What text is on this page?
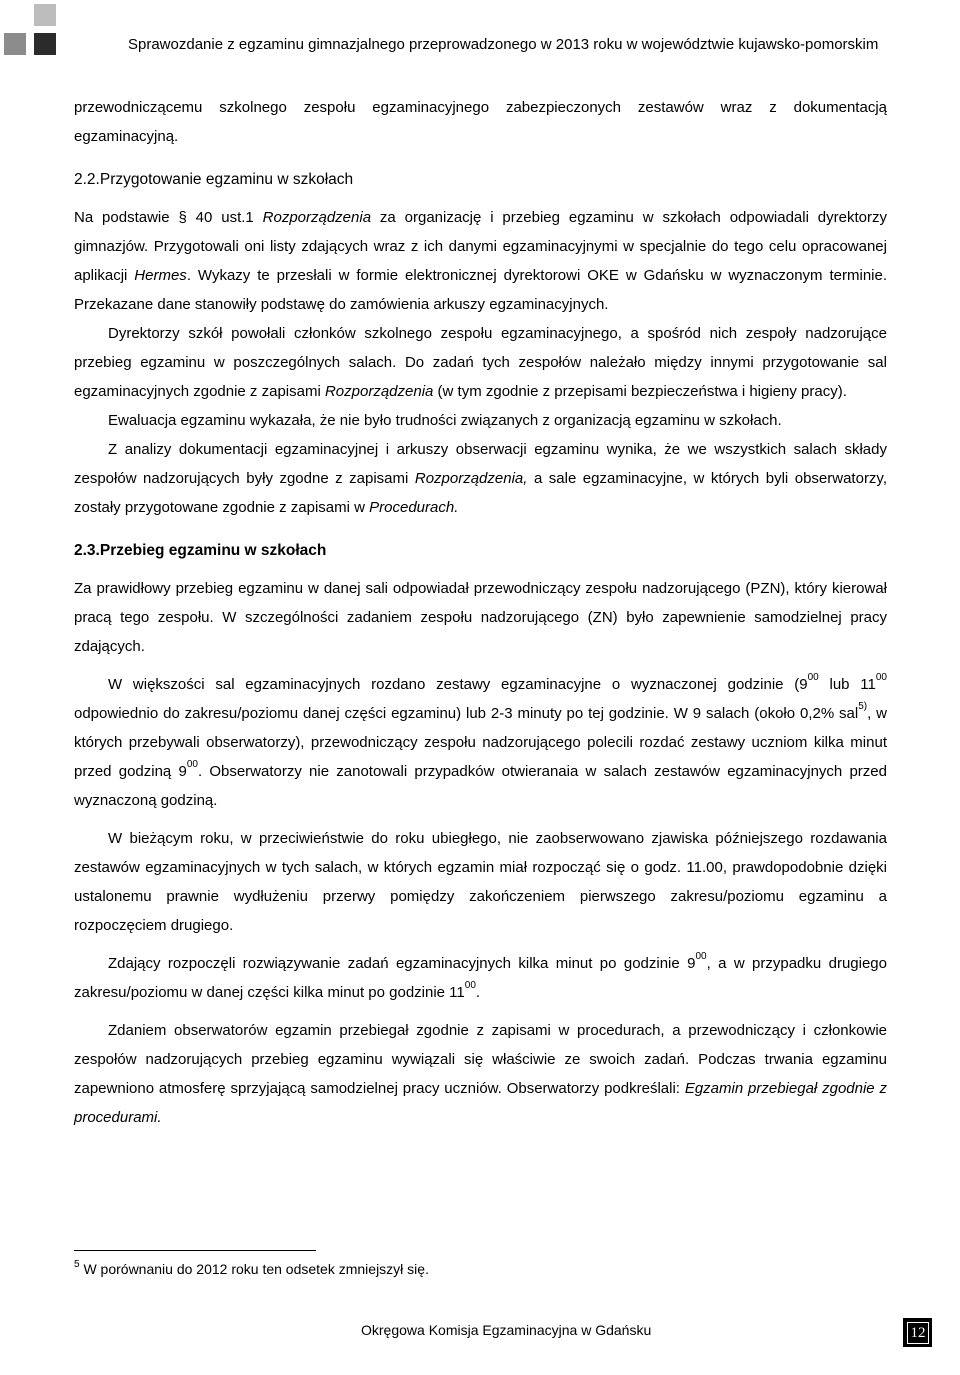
Sprawozdanie z egzaminu gimnazjalnego przeprowadzonego w 2013 roku w województwie kujawsko-pomorskim

przewodniczącemu szkolnego zespołu egzaminacyjnego zabezpieczonych zestawów wraz z dokumentacją egzaminacyjną.

2.2.Przygotowanie egzaminu w szkołach

Na podstawie § 40 ust.1 Rozporządzenia za organizację i przebieg egzaminu w szkołach odpowiadali dyrektorzy gimnazjów. Przygotowali oni listy zdających wraz z ich danymi egzaminacyjnymi w specjalnie do tego celu opracowanej aplikacji Hermes. Wykazy te przesłali w formie elektronicznej dyrektorowi OKE w Gdańsku w wyznaczonym terminie. Przekazane dane stanowiły podstawę do zamówienia arkuszy egzaminacyjnych.

Dyrektorzy szkół powołali członków szkolnego zespołu egzaminacyjnego, a spośród nich zespoły nadzorujące przebieg egzaminu w poszczególnych salach. Do zadań tych zespołów należało między innymi przygotowanie sal egzaminacyjnych zgodnie z zapisami Rozporządzenia (w tym zgodnie z przepisami bezpieczeństwa i higieny pracy).

Ewaluacja egzaminu wykazała, że nie było trudności związanych z organizacją egzaminu w szkołach.

Z analizy dokumentacji egzaminacyjnej i arkuszy obserwacji egzaminu wynika, że we wszystkich salach składy zespołów nadzorujących były zgodne z zapisami Rozporządzenia, a sale egzaminacyjne, w których byli obserwatorzy, zostały przygotowane zgodnie z zapisami w Procedurach.

2.3.Przebieg egzaminu w szkołach

Za prawidłowy przebieg egzaminu w danej sali odpowiadał przewodniczący zespołu nadzorującego (PZN), który kierował pracą tego zespołu. W szczególności zadaniem zespołu nadzorującego (ZN) było zapewnienie samodzielnej pracy zdających.

W większości sal egzaminacyjnych rozdano zestawy egzaminacyjne o wyznaczonej godzinie ($9^{00}$ lub $11^{00}$ odpowiednio do zakresu/poziomu danej części egzaminu) lub 2-3 minuty po tej godzinie. W 9 salach (około 0,2% sal$^{5)}$, w których przebywali obserwatorzy), przewodniczący zespołu nadzorującego polecili rozdać zestawy uczniom kilka minut przed godziną $9^{00}$. Obserwatorzy nie zanotowali przypadków otwieranaia w salach zestawów egzaminacyjnych przed wyznaczoną godziną.

W bieżącym roku, w przeciwieństwie do roku ubiegłego, nie zaobserwowano zjawiska późniejszego rozdawania zestawów egzaminacyjnych w tych salach, w których egzamin miał rozpocząć się o godz. 11.00, prawdopodobnie dzięki ustalonemu prawnie wydłużeniu przerwy pomiędzy zakończeniem pierwszego zakresu/poziomu egzaminu a rozpoczęciem drugiego.

Zdający rozpoczęli rozwiązywanie zadań egzaminacyjnych kilka minut po godzinie $9^{00}$, a w przypadku drugiego zakresu/poziomu w danej części kilka minut po godzinie $11^{00}$.

Zdaniem obserwatorów egzamin przebiegał zgodnie z zapisami w procedurach, a przewodniczący i członkowie zespołów nadzorujących przebieg egzaminu wywiązali się właściwie ze swoich zadań. Podczas trwania egzaminu zapewniono atmosferę sprzyjającą samodzielnej pracy uczniów. Obserwatorzy podkreślali: Egzamin przebiegał zgodnie z procedurami.

$^5$ W porównaniu do 2012 roku ten odsetek zmniejszył się.
Okręgowa Komisja Egzaminacyjna w Gdańsku	12
